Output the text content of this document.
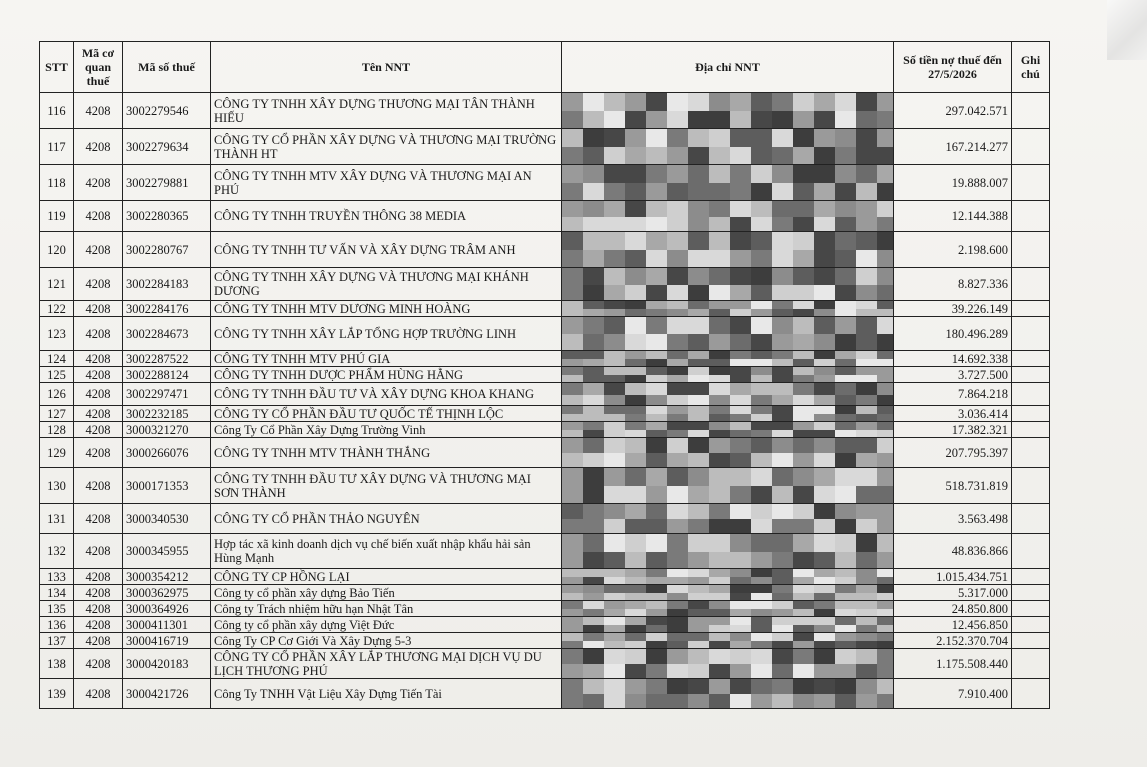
STT	Mã cơ quan thuế	Mã số thuế	Tên NNT	Địa chỉ NNT	Số tiền nợ thuế đến 27/5/2026	Ghi chú
116	4208	3002279546	CÔNG TY TNHH XÂY DỰNG THƯƠNG MẠI TÂN THÀNH HIẾU		297.042.571	
117	4208	3002279634	CÔNG TY CỔ PHẦN XÂY DỰNG VÀ THƯƠNG MẠI TRƯỜNG THÀNH HT		167.214.277	
118	4208	3002279881	CÔNG TY TNHH MTV XÂY DỰNG VÀ THƯƠNG MẠI AN PHÚ		19.888.007	
119	4208	3002280365	CÔNG TY TNHH TRUYỀN THÔNG 38 MEDIA		12.144.388	
120	4208	3002280767	CÔNG TY TNHH TƯ VẤN VÀ XÂY DỰNG TRÂM ANH		2.198.600	
121	4208	3002284183	CÔNG TY TNHH XÂY DỰNG VÀ THƯƠNG MẠI KHÁNH DƯƠNG		8.827.336	
122	4208	3002284176	CÔNG TY TNHH MTV DƯƠNG MINH HOÀNG		39.226.149	
123	4208	3002284673	CÔNG TY TNHH XÂY LẮP TỔNG HỢP TRƯỜNG LINH		180.496.289	
124	4208	3002287522	CÔNG TY TNHH MTV PHÚ GIA		14.692.338	
125	4208	3002288124	CÔNG TY TNHH DƯỢC PHẨM HÙNG HẰNG		3.727.500	
126	4208	3002297471	CÔNG TY TNHH ĐẦU TƯ VÀ XÂY DỰNG KHOA KHANG		7.864.218	
127	4208	3002232185	CÔNG TY CỔ PHẦN ĐẦU TƯ QUỐC TẾ THỊNH LỘC		3.036.414	
128	4208	3000321270	Công Ty Cổ Phần Xây Dựng Trường Vinh		17.382.321	
129	4208	3000266076	CÔNG TY TNHH MTV THÀNH THẮNG		207.795.397	
130	4208	3000171353	CÔNG TY TNHH ĐẦU TƯ XÂY DỰNG VÀ THƯƠNG MẠI SƠN THÀNH		518.731.819	
131	4208	3000340530	CÔNG TY CỔ PHẦN THẢO NGUYÊN		3.563.498	
132	4208	3000345955	Hợp tác xã kinh doanh dịch vụ chế biến xuất nhập khẩu hải sản Hùng Mạnh		48.836.866	
133	4208	3000354212	CÔNG TY CP HỒNG LẠI		1.015.434.751	
134	4208	3000362975	Công ty cổ phần xây dựng Bảo Tiến		5.317.000	
135	4208	3000364926	Công ty Trách nhiệm hữu hạn Nhật Tân		24.850.800	
136	4208	3000411301	Công ty cổ phần xây dựng Việt Đức		12.456.850	
137	4208	3000416719	Công Ty CP Cơ Giới Và Xây Dựng 5-3		2.152.370.704	
138	4208	3000420183	CÔNG TY CỔ PHẦN XÂY LẮP THƯƠNG MẠI DỊCH VỤ DU LỊCH THƯƠNG PHÚ		1.175.508.440	
139	4208	3000421726	Công Ty TNHH Vật Liệu Xây Dựng Tiến Tài		7.910.400	
